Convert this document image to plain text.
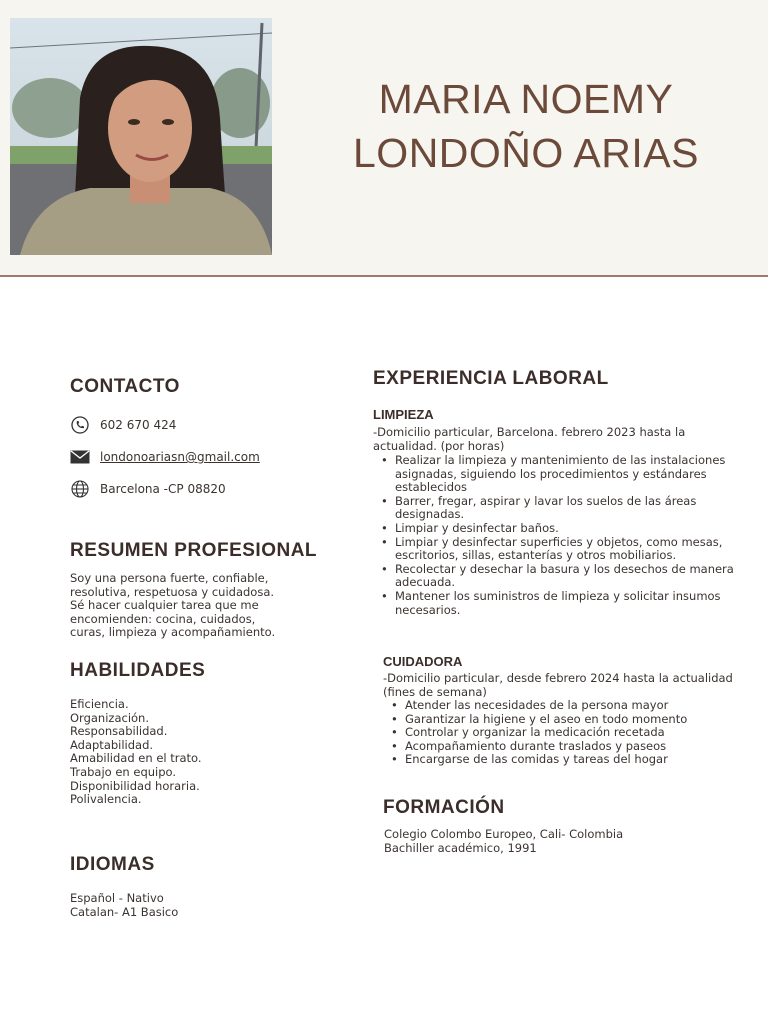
MARIA NOEMY
LONDOÑO ARIAS
CONTACTO
602 670 424
londonoariasn@gmail.com
Barcelona -CP 08820
RESUMEN PROFESIONAL
Soy una persona fuerte, confiable,
resolutiva, respetuosa y cuidadosa.
Sé hacer cualquier tarea que me
encomienden: cocina, cuidados,
curas, limpieza y acompañamiento.
HABILIDADES
Eficiencia.
Organización.
Responsabilidad.
Adaptabilidad.
Amabilidad en el trato.
Trabajo en equipo.
Disponibilidad horaria.
Polivalencia.
IDIOMAS
Español - Nativo
Catalan- A1 Basico
EXPERIENCIA LABORAL
LIMPIEZA
-Domicilio particular, Barcelona. febrero 2023 hasta la
actualidad. (por horas)
• Realizar la limpieza y mantenimiento de las instalaciones
asignadas, siguiendo los procedimientos y estándares
establecidos
• Barrer, fregar, aspirar y lavar los suelos de las áreas
designadas.
• Limpiar y desinfectar baños.
• Limpiar y desinfectar superficies y objetos, como mesas,
escritorios, sillas, estanterías y otros mobiliarios.
• Recolectar y desechar la basura y los desechos de manera
adecuada.
• Mantener los suministros de limpieza y solicitar insumos
necesarios.
CUIDADORA
-Domicilio particular, desde febrero 2024 hasta la actualidad
(fines de semana)
• Atender las necesidades de la persona mayor
• Garantizar la higiene y el aseo en todo momento
• Controlar y organizar la medicación recetada
• Acompañamiento durante traslados y paseos
• Encargarse de las comidas y tareas del hogar
FORMACIÓN
Colegio Colombo Europeo, Cali- Colombia
Bachiller académico, 1991
